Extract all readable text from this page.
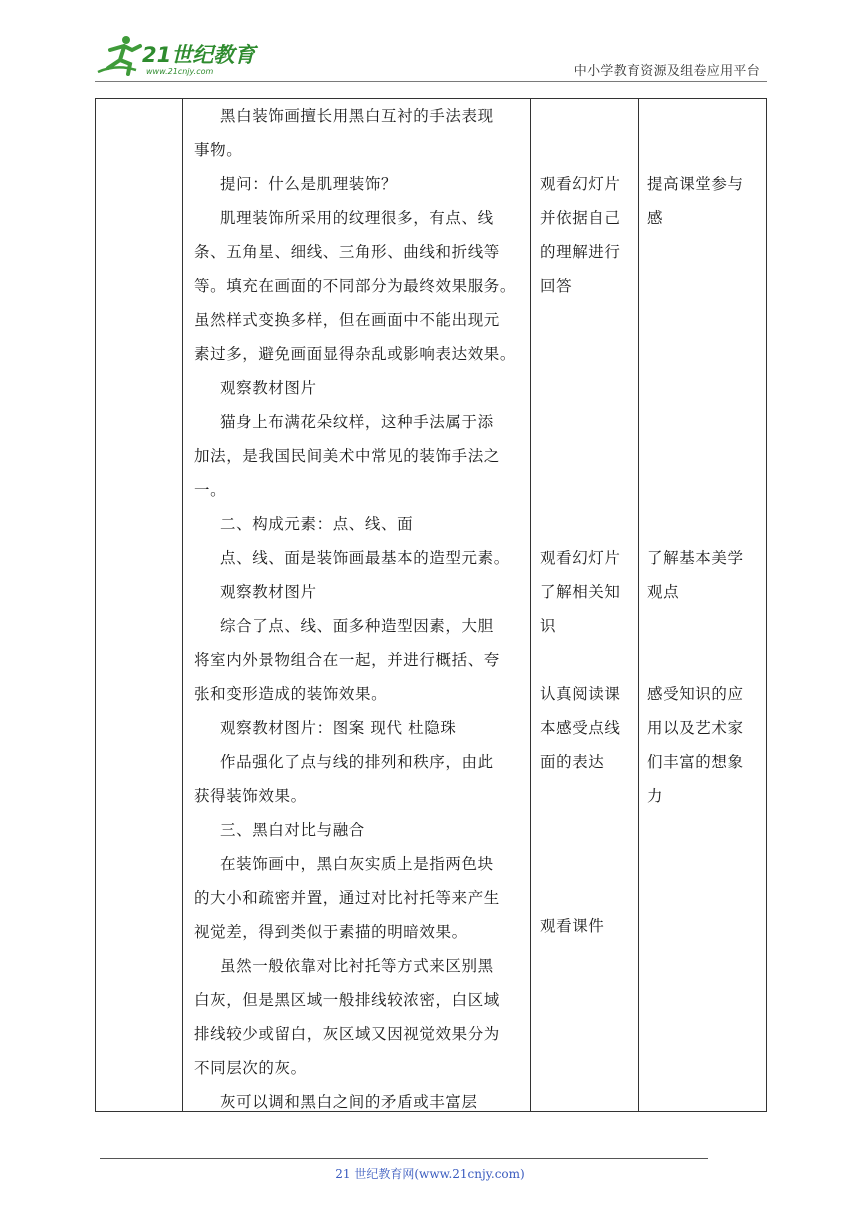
21世纪教育
www.21cnjy.com	中小学教育资源及组卷应用平台
黑白装饰画擅长用黑白互衬的手法表现
事物。
提问：什么是肌理装饰？
肌理装饰所采用的纹理很多，有点、线
条、五角星、细线、三角形、曲线和折线等
等。填充在画面的不同部分为最终效果服务。
虽然样式变换多样，但在画面中不能出现元
素过多，避免画面显得杂乱或影响表达效果。
观察教材图片
猫身上布满花朵纹样，这种手法属于添
加法，是我国民间美术中常见的装饰手法之
一。
二、构成元素：点、线、面
点、线、面是装饰画最基本的造型元素。
观察教材图片
综合了点、线、面多种造型因素，大胆
将室内外景物组合在一起，并进行概括、夸
张和变形造成的装饰效果。
观察教材图片：图案 现代 杜隐珠
作品强化了点与线的排列和秩序，由此
获得装饰效果。
三、黑白对比与融合
在装饰画中，黑白灰实质上是指两色块
的大小和疏密并置，通过对比衬托等来产生
视觉差，得到类似于素描的明暗效果。
虽然一般依靠对比衬托等方式来区别黑
白灰，但是黑区域一般排线较浓密，白区域
排线较少或留白，灰区域又因视觉效果分为
不同层次的灰。
灰可以调和黑白之间的矛盾或丰富层
观看幻灯片
并依据自己
的理解进行
回答
观看幻灯片
了解相关知
识
认真阅读课
本感受点线
面的表达
观看课件
提高课堂参与
感
了解基本美学
观点
感受知识的应
用以及艺术家
们丰富的想象
力
21 世纪教育网(www.21cnjy.com)
